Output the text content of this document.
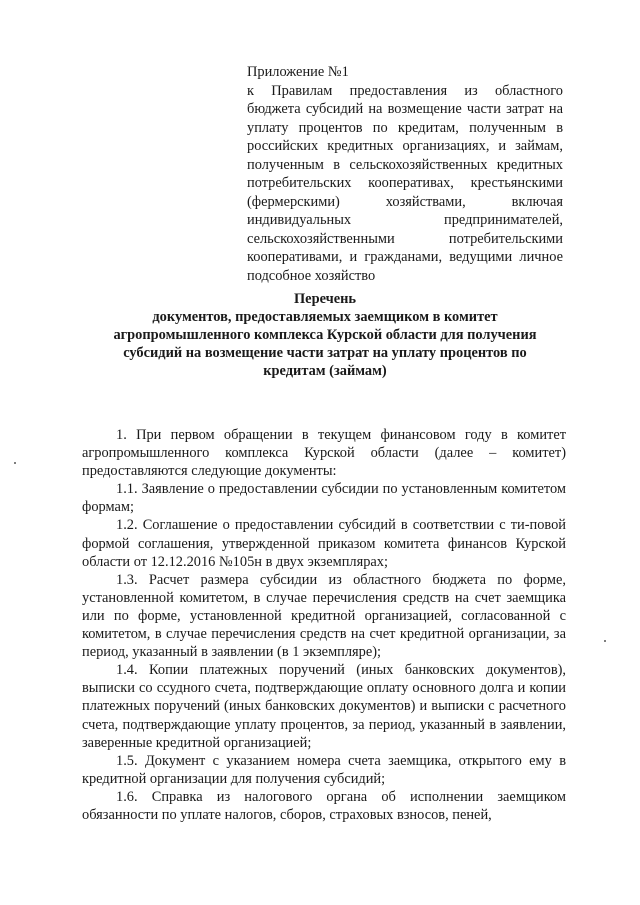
Приложение №1
к Правилам предоставления из областного бюджета субсидий на возмещение части затрат на уплату процентов по кредитам, полученным в российских кредитных организациях, и займам, полученным в сельскохозяйственных кредитных потребительских кооперативах, крестьянскими (фермерскими) хозяйствами, включая индивидуальных предпринимателей, сельскохозяйственными потребительскими кооперативами, и гражданами, ведущими личное подсобное хозяйство
Перечень
документов, предоставляемых заемщиком в комитет
агропромышленного комплекса Курской области для получения
субсидий на возмещение части затрат на уплату процентов по
кредитам (займам)

1. При первом обращении в текущем финансовом году в комитет агропромышленного комплекса Курской области (далее – комитет) предоставляются следующие документы:

1.1. Заявление о предоставлении субсидии по установленным комитетом формам;

1.2. Соглашение о предоставлении субсидий в соответствии с ти-повой формой соглашения, утвержденной приказом комитета финансов Курской области от 12.12.2016 №105н в двух экземплярах;

1.3. Расчет размера субсидии из областного бюджета по форме, установленной комитетом, в случае перечисления средств на счет заемщика или по форме, установленной кредитной организацией, согласованной с комитетом, в случае перечисления средств на счет кредитной организации, за период, указанный в заявлении (в 1 экземпляре);

1.4. Копии платежных поручений (иных банковских документов), выписки со ссудного счета, подтверждающие оплату основного долга и копии платежных поручений (иных банковских документов) и выписки с расчетного счета, подтверждающие уплату процентов, за период, указанный в заявлении, заверенные кредитной организацией;

1.5. Документ с указанием номера счета заемщика, открытого ему в кредитной организации для получения субсидий;

1.6. Справка из налогового органа об исполнении заемщиком обязанности по уплате налогов, сборов, страховых взносов, пеней,
